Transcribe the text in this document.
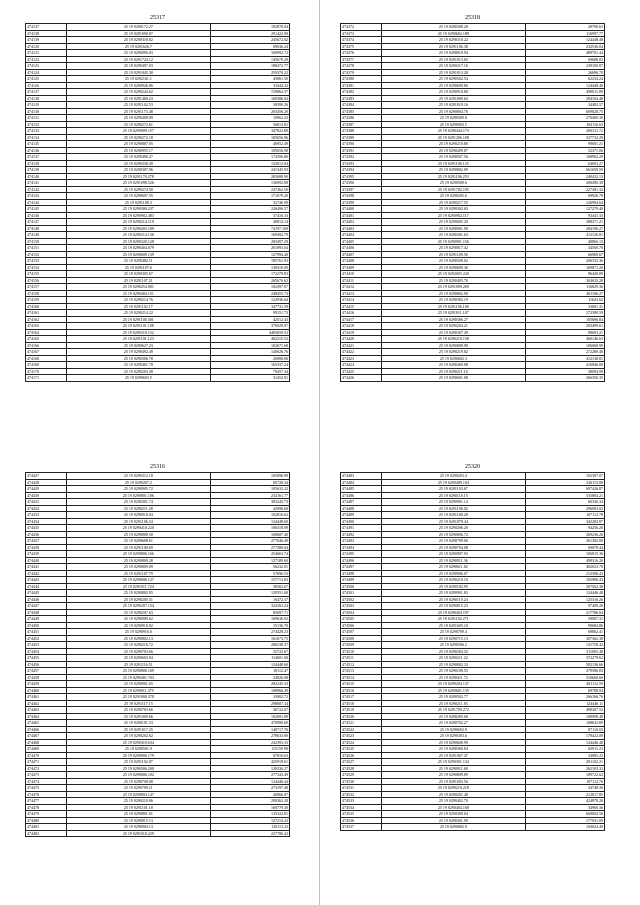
25317
474137	25 19 0290172.27	182870.04
474138	25 19 0291090.07	291422.09
474139	25 19 0290318.02	245672.02
474120	25 19 0201626.7	69036.24
474121	25 19 0290096.83	160992.72
474122	25 19 0291724.12	145679.29
474123	25 19 0290497.03	188472.77
474124	25 19 0291045.30	259370.22
474125	25 19 0292161.1	45861.50
474126	25 19 0290926.86	33444.32
474127	25 19 0290244.62	729862.57
474128	25 19 0291460.23	169386.02
474129	25 19 0291102.53	38390.26
474130	25 19 0291173.48	203456.20
474131	25 19 0290408.09	10962.23
474132	25 19 0290272.61	56813.81
474133	25 19 0290909.157	347822.89
474134	25 19 0290272.18	105656.96
474135	25 19 0290807.05	46952.49
474136	25 19 0290955.17	105656.98
474137	25 19 0290490.27	174396.80
474138	25 19 0290338.40	132012.04
474139	25 19 0290307.96	241345.93
474140	25 19 0291170.278	205688.90
474141	25 19 0291098.526	130092.08
474142	25 19 0290274.50	247362.50
474143	25 19 0290607.55	171079.20
474144	25 19 0291108.3	32746.99
474145	25 19 0290300.237	226496.57
474146	25 19 0290902.483	37416.33
474147	25 19 0290214.119	40814.14
474148	25 19 0290203.109	74197.109
474149	25 19 0290214.136	169492.79
474150	25 19 0290320.128	283497.29
474151	25 19 0290404.679	261893.04
474152	25 19 0290609.139	127994.40
474153	25 19 0290482.11	185761.03
474154	25 19 0291107.6	130310.09
474155	25 19 0290305.67	172279.83
474156	25 19 0291107.21	265676.62
474157	25 19 0290254.081	102397.07
474158	25 19 0290404.151	248455.73
474159	25 19 0290214.76	122936.64
474160	25 19 0291102.17	347731.59
474161	25 19 0290214.22	99151.73
474162	25 19 0291100.301	42512.43
474163	25 19 0291101.108	376929.97
474164	25 19 0290310.152	4483659.52
474165	25 19 0291101.123	462215.52
474166	25 19 0290627.23	102671.68
474167	25 19 0290492.49	140026.76
474168	25 19 0290306.78	20080.00
474169	25 19 0290401.78	165337.24
474170	25 19 0290203.38	79457.34
474171	25 19 0290603.5	31452.91
25318
474372	25 19 0290308.20	28790.63
474373	25 19 0290602.188	116997.77
474374	25 19 0290310.22	124448.48
474375	25 19 0291106.38	232536.04
474376	25 19 0290819.94	489701.44
474377	25 19 0291013.65	69688.03
474378	25 19 0290217.16	239100.87
474379	25 19 0291013.28	26696.70
474380	25 19 0290502.54	62234.24
474381	25 19 0290609.86	124448.48
474382	25 19 0290910.80	490011.89
474383	25 19 0291009.62	294104.48
474384	25 19 0291019.16	34483.57
474385	25 19 0290804.76	669828.75
474386	25 19 0290309.8	270400.30
474387	25 19 0290903.5	104116.63
474388	25 19 0290444.173	206311.72
474389	25 19 0291206.108	337732.29
474390	25 19 0290210.80	99001.21
474391	25 19 0290209.87	52371.06
474392	25 19 0290507.56	168962.29
474393	25 19 0291106.125	64693.27
474394	25 19 0290802.09	661659.59
474395	25 19 0291106.253	240432.13
474396	25 19 0290509.6	200490.38
474397	25 19 0291702.195	227381.32
474398	25 19 0290205.6	69926.78
474399	25 19 0290217.55	126994.64
474400	25 19 0290302.65	127279.40
474401	25 19 0290902.117	93441.33
474402	25 19 0290605.20	388371.21
474403	25 19 0290901.90	284196.27
474404	25 19 0290301.63	412126.81
474405	25 19 0290901.156	40866.13
474406	25 19 0290817.42	34560.70
474407	25 19 0291109.56	66969.67
474408	25 19 0290509.02	206333.36
474409	25 19 0290609.36	169871.20
474410	25 19 0292003.220	86426.09
474411	25 19 0290405.70	304633.28
474412	25 19 0291009.269	116829.36
474413	25 19 0290802.90	401106.27
474414	25 19 0290302.19	11623.62
474415	25 19 0291106.100	33601.31
474416	25 19 0291011.107	272390.59
474417	25 19 0290306.27	105696.84
474418	25 19 0290204.21	203499.61
474419	25 19 0290307.49	98693.21
474420	25 19 0290210.158	460146.63
474421	25 19 0290808.98	106068.99
474422	25 19 0290219.82	272280.40
474423	25 19 0290602.3	412138.81
474424	25 19 0290400.08	416846.00
474425	25 19 0290211.16	38094.99
474426	25 19 0290601.08	266356.35
25316
474427	25 19 0290312.18	105096.99
474428	25 19 0290207.2	60728.34
474429	25 19 0290905.72	105633.22
474430	25 19 0290801.106	232161.77
474431	25 19 0290301.74	383245.73
474432	25 19 0290211.28	42096.60
474433	25 19 0290918.04	102816.62
474434	25 19 0291106.34	124448.60
474435	25 19 0290410.220	106318.09
474436	25 19 0290808.50	168687.40
474437	25 19 0290608.61	277646.49
474438	25 19 0291100.69	277380.04
474439	25 19 0290806.166	254663.74
474440	25 19 0290809.28	127189.60
474441	25 19 0290809.09	56232.81
474442	25 19 0291107.79	57696.53
474443	25 19 0290606.127	157713.83
474444	25 19 0291011.724	38302.67
474445	25 19 0290802.95	129551.60
474446	25 19 0290205.51	16472.37
474447	25 19 0290207.154	324163.24
474448	25 19 0290207.63	85697.71
474449	25 19 0290909.62	169636.92
474450	25 19 0290910.82	15136.70
474451	25 19 0290916.6	274428.23
474452	25 19 0290802.13	161673.75
474453	25 19 0290216.72	286238.37
474454	25 19 0290703.66	35722.67
474455	25 19 0290603.04	114601.00
474456	25 19 0291116.51	124448.60
474457	25 19 0290808.169	18112.47
474458	25 19 0290401.703	24926.08
474459	25 19 0290901.65	282245.33
474460	25 19 0290911.375	108966.29
474461	25 19 0291000.378	33002.72
474462	25 19 0291117.15	298007.34
474463	25 19 0290703.66	36722.67
474464	25 19 0291009.66	102691.89
474465	25 19 0290101.53	470900.60
474466	25 19 0291017.25	140717.76
474467	25 19 0290202.62	278633.00
474468	25 19 0290310.634	242393.33
474469	25 19 0290501.9	115159.98
474470	25 19 0290006.179	67816.63
474471	25 19 0291102.07	425919.61
474472	25 19 0290306.200	129236.27
474473	25 19 0290006.102	277343.49
474474	25 19 0290708.08	124446.44
474475	25 19 0290709.11	273197.48
474476	25 19 0290803.147	40066.07
474477	25 19 0290210.06	290362.20
474478	25 19 0291101.18	160779.30
474479	25 19 0290801.01	135322.81
474480	25 19 0290915.13	127214.23
474481	25 19 0290904.13	120113.22
474482	25 19 0291010.229	227786.42
25320
474483	25 19 0290203.4	102397.07
474484	25 19 0290409.104	236113.08
474485	25 19 0291103.67	697426.87
474486	25 19 0290116.15	335804.21
474487	25 19 0290901.14	60336.34
474488	25 19 0291106.02	296003.02
474489	25 19 0291100.28	107112.78
474490	25 19 0291079.44	342282.87
474491	25 19 0290206.20	94256.20
474492	25 19 0290806.72	269236.20
474493	25 19 0290709.06	361302.00
474494	25 19 0290704.08	69079.44
474495	25 19 0290907.03	106815.36
474496	25 19 0290911.36	498316.20
474497	25 19 0290611.82	402023.70
474498	25 19 0290906.07	212396.43
474499	25 19 0290210.10	182906.43
474500	25 19 0290102.95	307562.38
474501	25 19 0290901.83	124446.48
474502	25 19 0290110.24	125316.26
474503	25 19 0290815.23	97409.26
474504	25 19 0290404.197	217786.04
474505	25 19 0291102.271	59007.31
474506	25 19 0291605.10	99684.86
474507	25 19 0290709.4	69862.41
474508	25 19 0290715.13	307362.38
474509	25 19 0290506.2	131758.42
474510	25 19 0290204.32	311065.48
474511	25 19 0290211.22	372279.62
474512	25 19 0290802.33	582136.66
474513	25 19 0290109.55	279586.83
474514	25 19 0290411.72	310660.60
474515	25 19 0290204.147	481112.59
474516	25 19 0290601.135	69708.94
474517	25 19 0290502.77	266166.76
474518	25 19 0290211.83	124446.11
474519	25 19 0291709.272	498307.52
474520	25 19 0290205.68	108998.48
474521	25 19 0290702.27	168632.89
474522	25 19 0290602.9	87110.03
474523	25 19 0290303.6	178422.00
474524	25 19 0290608.99	124446.48
474525	25 19 0290300.84	65911.23
474526	25 19 0291007.47	34885.23
474527	25 19 0290301.134	201102.21
474528	25 19 0290911.68	262103.33
474529	25 19 0290809.89	189722.62
474530	25 19 0291003.56	107112.76
474531	25 19 0290210.218	34748.30
474532	25 19 0290201.48	212017.85
474533	25 19 0290402.70	424878.20
474534	25 19 0290404.168	34960.36
474535	25 19 0290309.04	668004.56
474536	25 19 0290401.99	177031.09
474537	25 19 0290802.9	104024.49
